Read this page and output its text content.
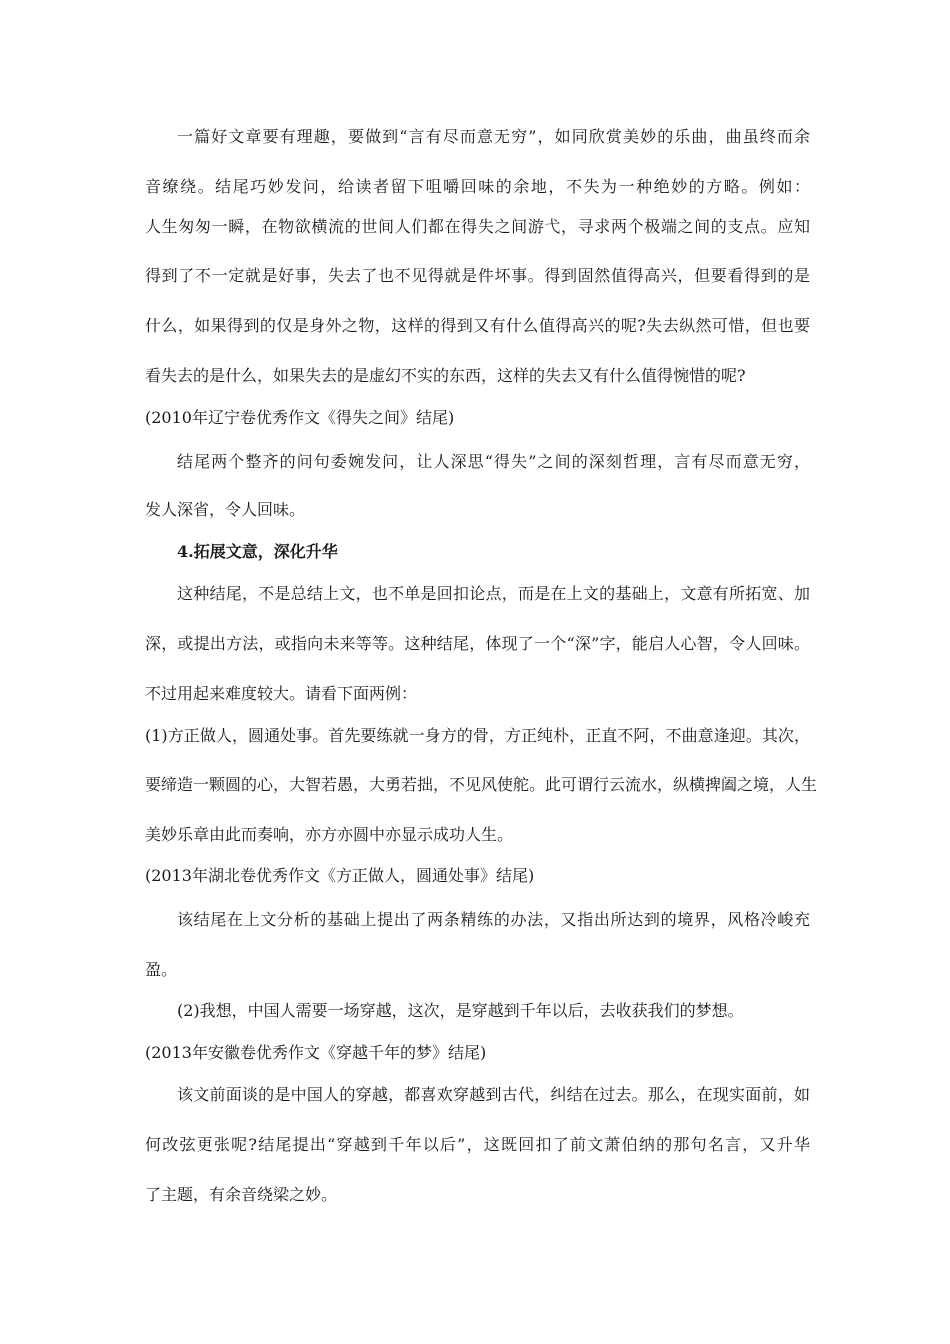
一篇好文章要有理趣，要做到“言有尽而意无穷”，如同欣赏美妙的乐曲，曲虽终而余
音缭绕。结尾巧妙发问，给读者留下咀嚼回味的余地，不失为一种绝妙的方略。例如：
人生匆匆一瞬，在物欲横流的世间人们都在得失之间游弋，寻求两个极端之间的支点。应知
得到了不一定就是好事，失去了也不见得就是件坏事。得到固然值得高兴，但要看得到的是
什么，如果得到的仅是身外之物，这样的得到又有什么值得高兴的呢?失去纵然可惜，但也要
看失去的是什么，如果失去的是虚幻不实的东西，这样的失去又有什么值得惋惜的呢?
(2010年辽宁卷优秀作文《得失之间》结尾)
结尾两个整齐的问句委婉发问，让人深思“得失”之间的深刻哲理，言有尽而意无穷，
发人深省，令人回味。
4.拓展文意，深化升华
这种结尾，不是总结上文，也不单是回扣论点，而是在上文的基础上，文意有所拓宽、加
深，或提出方法，或指向未来等等。这种结尾，体现了一个“深”字，能启人心智，令人回味。
不过用起来难度较大。请看下面两例：
(1)方正做人，圆通处事。首先要练就一身方的骨，方正纯朴，正直不阿，不曲意逢迎。其次，
要缔造一颗圆的心，大智若愚，大勇若拙，不见风使舵。此可谓行云流水，纵横捭阖之境，人生
美妙乐章由此而奏响，亦方亦圆中亦显示成功人生。
(2013年湖北卷优秀作文《方正做人，圆通处事》结尾)
该结尾在上文分析的基础上提出了两条精练的办法，又指出所达到的境界，风格冷峻充
盈。
(2)我想，中国人需要一场穿越，这次，是穿越到千年以后，去收获我们的梦想。
(2013年安徽卷优秀作文《穿越千年的梦》结尾)
该文前面谈的是中国人的穿越，都喜欢穿越到古代，纠结在过去。那么，在现实面前，如
何改弦更张呢?结尾提出“穿越到千年以后”，这既回扣了前文萧伯纳的那句名言，又升华
了主题，有余音绕梁之妙。
